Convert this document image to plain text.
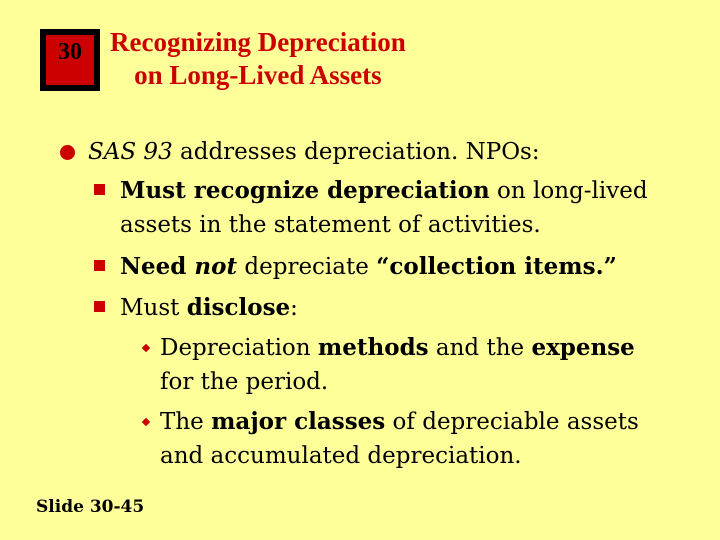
30	Recognizing Depreciation
on Long-Lived Assets
SAS 93 addresses depreciation. NPOs:
Must recognize depreciation on long-lived
assets in the statement of activities.
Need not depreciate “collection items.”
Must disclose:
Depreciation methods and the expense
for the period.
The major classes of depreciable assets
and accumulated depreciation.
Slide 30-45
